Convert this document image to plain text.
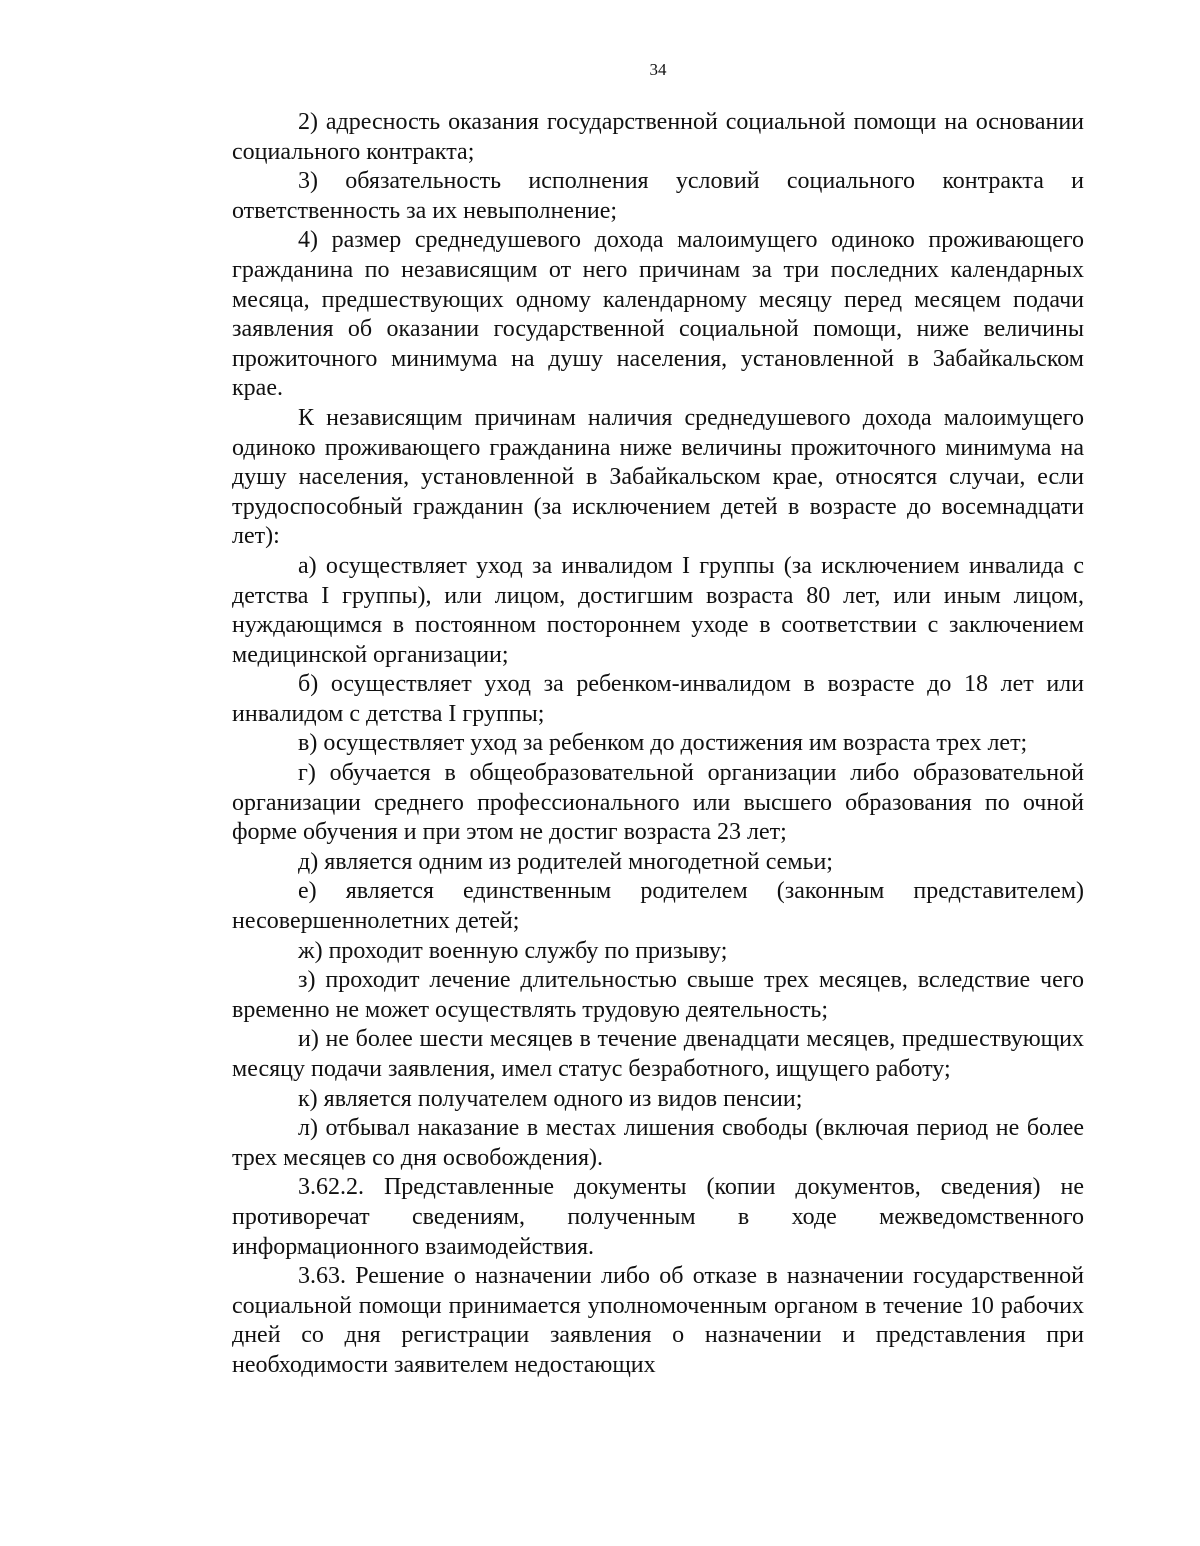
34

2) адресность оказания государственной социальной помощи на основании социального контракта;

3) обязательность исполнения условий социального контракта и ответственность за их невыполнение;

4) размер среднедушевого дохода малоимущего одиноко проживающего гражданина по независящим от него причинам за три последних календарных месяца, предшествующих одному календарному месяцу перед месяцем подачи заявления об оказании государственной социальной помощи, ниже величины прожиточного минимума на душу населения, установленной в Забайкальском крае.

К независящим причинам наличия среднедушевого дохода малоимущего одиноко проживающего гражданина ниже величины прожиточного минимума на душу населения, установленной в Забайкальском крае, относятся случаи, если трудоспособный гражданин (за исключением детей в возрасте до восемнадцати лет):

а) осуществляет уход за инвалидом I группы (за исключением инвалида с детства I группы), или лицом, достигшим возраста 80 лет, или иным лицом, нуждающимся в постоянном постороннем уходе в соответствии с заключением медицинской организации;

б) осуществляет уход за ребенком-инвалидом в возрасте до 18 лет или инвалидом с детства I группы;

в) осуществляет уход за ребенком до достижения им возраста трех лет;

г) обучается в общеобразовательной организации либо образовательной организации среднего профессионального или высшего образования по очной форме обучения и при этом не достиг возраста 23 лет;

д) является одним из родителей многодетной семьи;

е) является единственным родителем (законным представителем) несовершеннолетних детей;

ж) проходит военную службу по призыву;

з) проходит лечение длительностью свыше трех месяцев, вследствие чего временно не может осуществлять трудовую деятельность;

и) не более шести месяцев в течение двенадцати месяцев, предшествующих месяцу подачи заявления, имел статус безработного, ищущего работу;

к) является получателем одного из видов пенсии;

л) отбывал наказание в местах лишения свободы (включая период не более трех месяцев со дня освобождения).

3.62.2. Представленные документы (копии документов, сведения) не противоречат сведениям, полученным в ходе межведомственного информационного взаимодействия.

3.63. Решение о назначении либо об отказе в назначении государственной социальной помощи принимается уполномоченным органом в течение 10 рабочих дней со дня регистрации заявления о назначении и представления при необходимости заявителем недостающих
